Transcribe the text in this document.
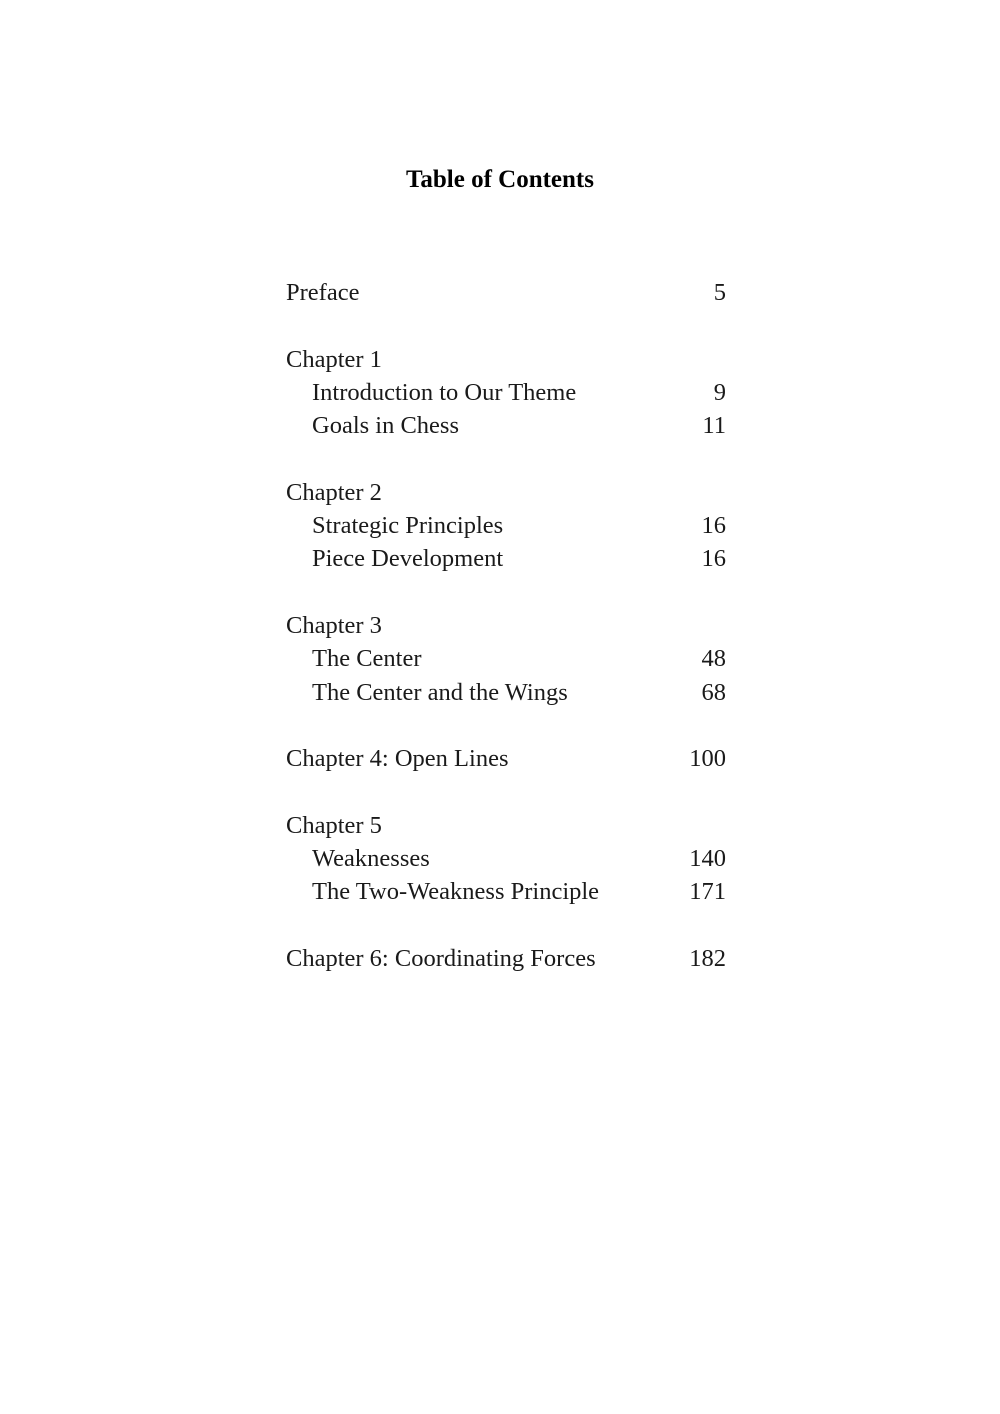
Table of Contents
Preface	5
Chapter 1
Introduction to Our Theme	9
Goals in Chess	11
Chapter 2
Strategic Principles	16
Piece Development	16
Chapter 3
The Center	48
The Center and the Wings	68
Chapter 4: Open Lines	100
Chapter 5
Weaknesses	140
The Two-Weakness Principle	171
Chapter 6: Coordinating Forces	182
